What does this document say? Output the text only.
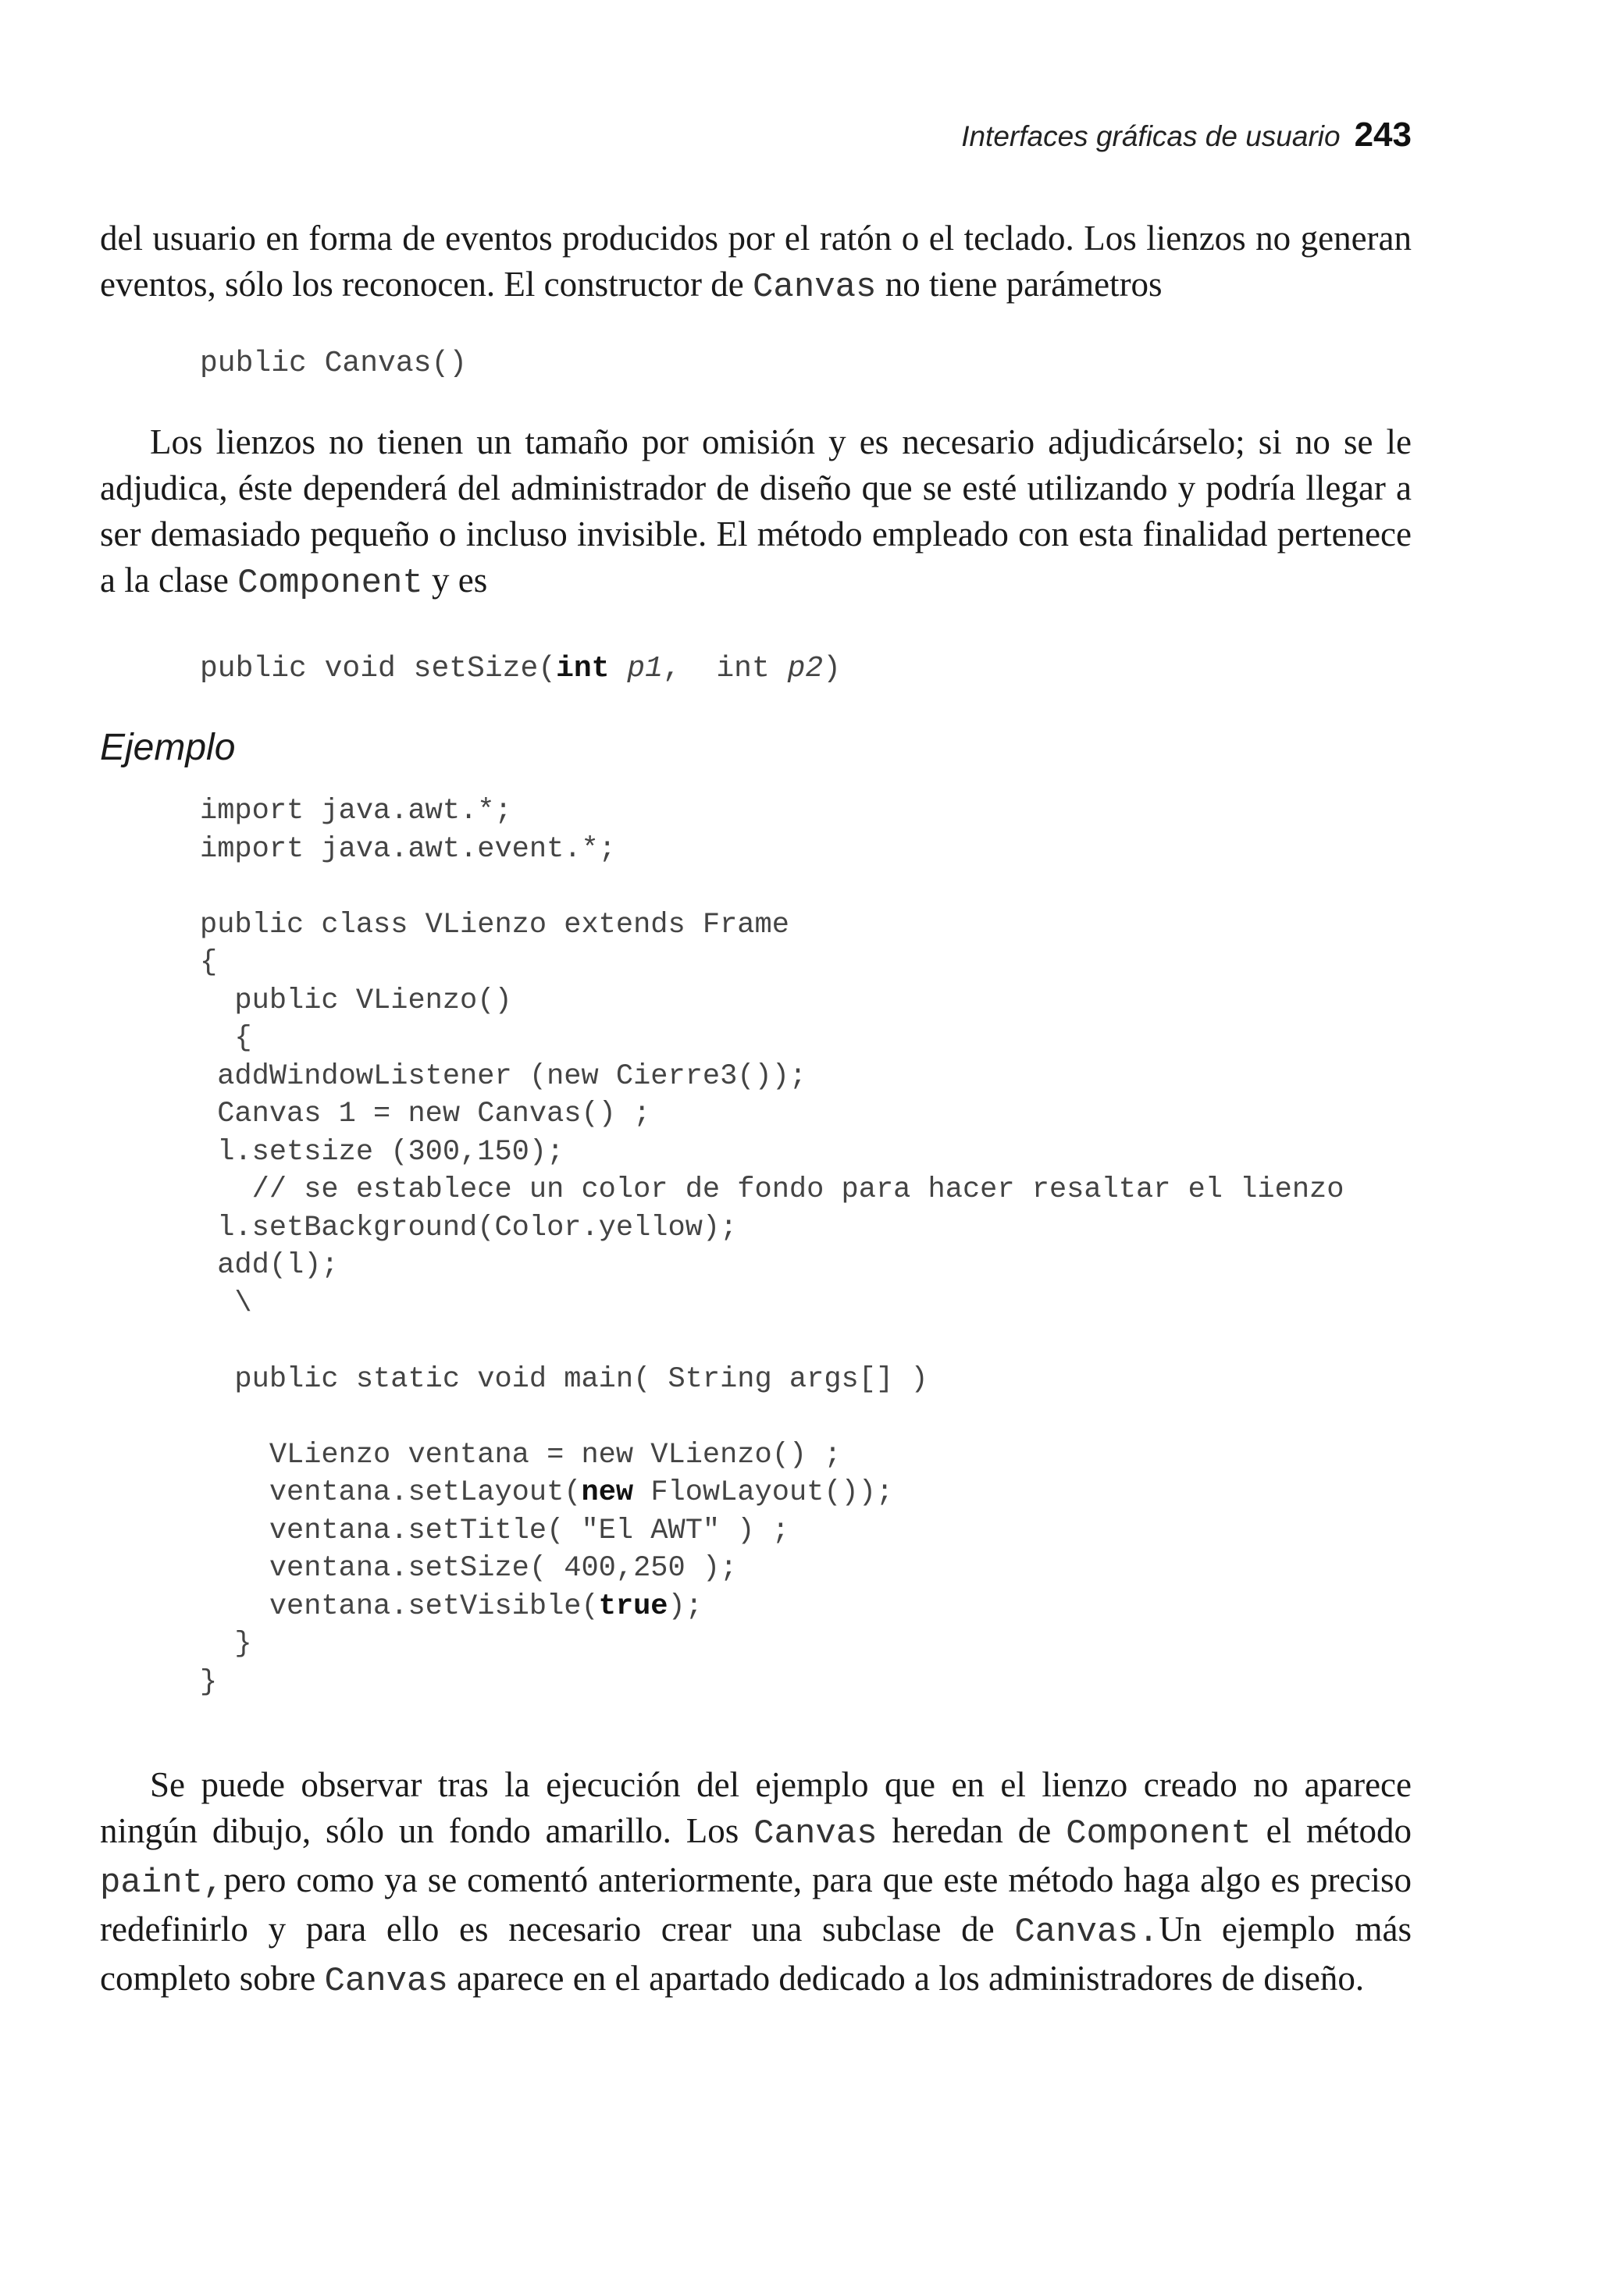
Interfaces gráficas de usuario 243

del usuario en forma de eventos producidos por el ratón o el teclado. Los lienzos no generan eventos, sólo los reconocen. El constructor de Canvas no tiene parámetros

public Canvas()

Los lienzos no tienen un tamaño por omisión y es necesario adjudicárselo; si no se le adjudica, éste dependerá del administrador de diseño que se esté utilizando y podría llegar a ser demasiado pequeño o incluso invisible. El método empleado con esta finalidad pertenece a la clase Component y es

public void setSize(int p1,  int p2)
Ejemplo
import java.awt.*;
import java.awt.event.*;

public class VLienzo extends Frame
{
public VLienzo()
{
addWindowListener (new Cierre3());
Canvas 1 = new Canvas() ;
l.setsize (300,150);
// se establece un color de fondo para hacer resaltar el lienzo
l.setBackground(Color.yellow);
add(l);
\

public static void main( String args[] )

VLienzo ventana = new VLienzo() ;
ventana.setLayout(new FlowLayout());
ventana.setTitle( "El AWT" ) ;
ventana.setSize( 400,250 );
ventana.setVisible(true);
}
}

Se puede observar tras la ejecución del ejemplo que en el lienzo creado no aparece ningún dibujo, sólo un fondo amarillo. Los Canvas heredan de Component el método paint,pero como ya se comentó anteriormente, para que este método haga algo es preciso redefinirlo y para ello es necesario crear una subclase de Canvas.Un ejemplo más completo sobre Canvas aparece en el apartado dedicado a los administradores de diseño.
